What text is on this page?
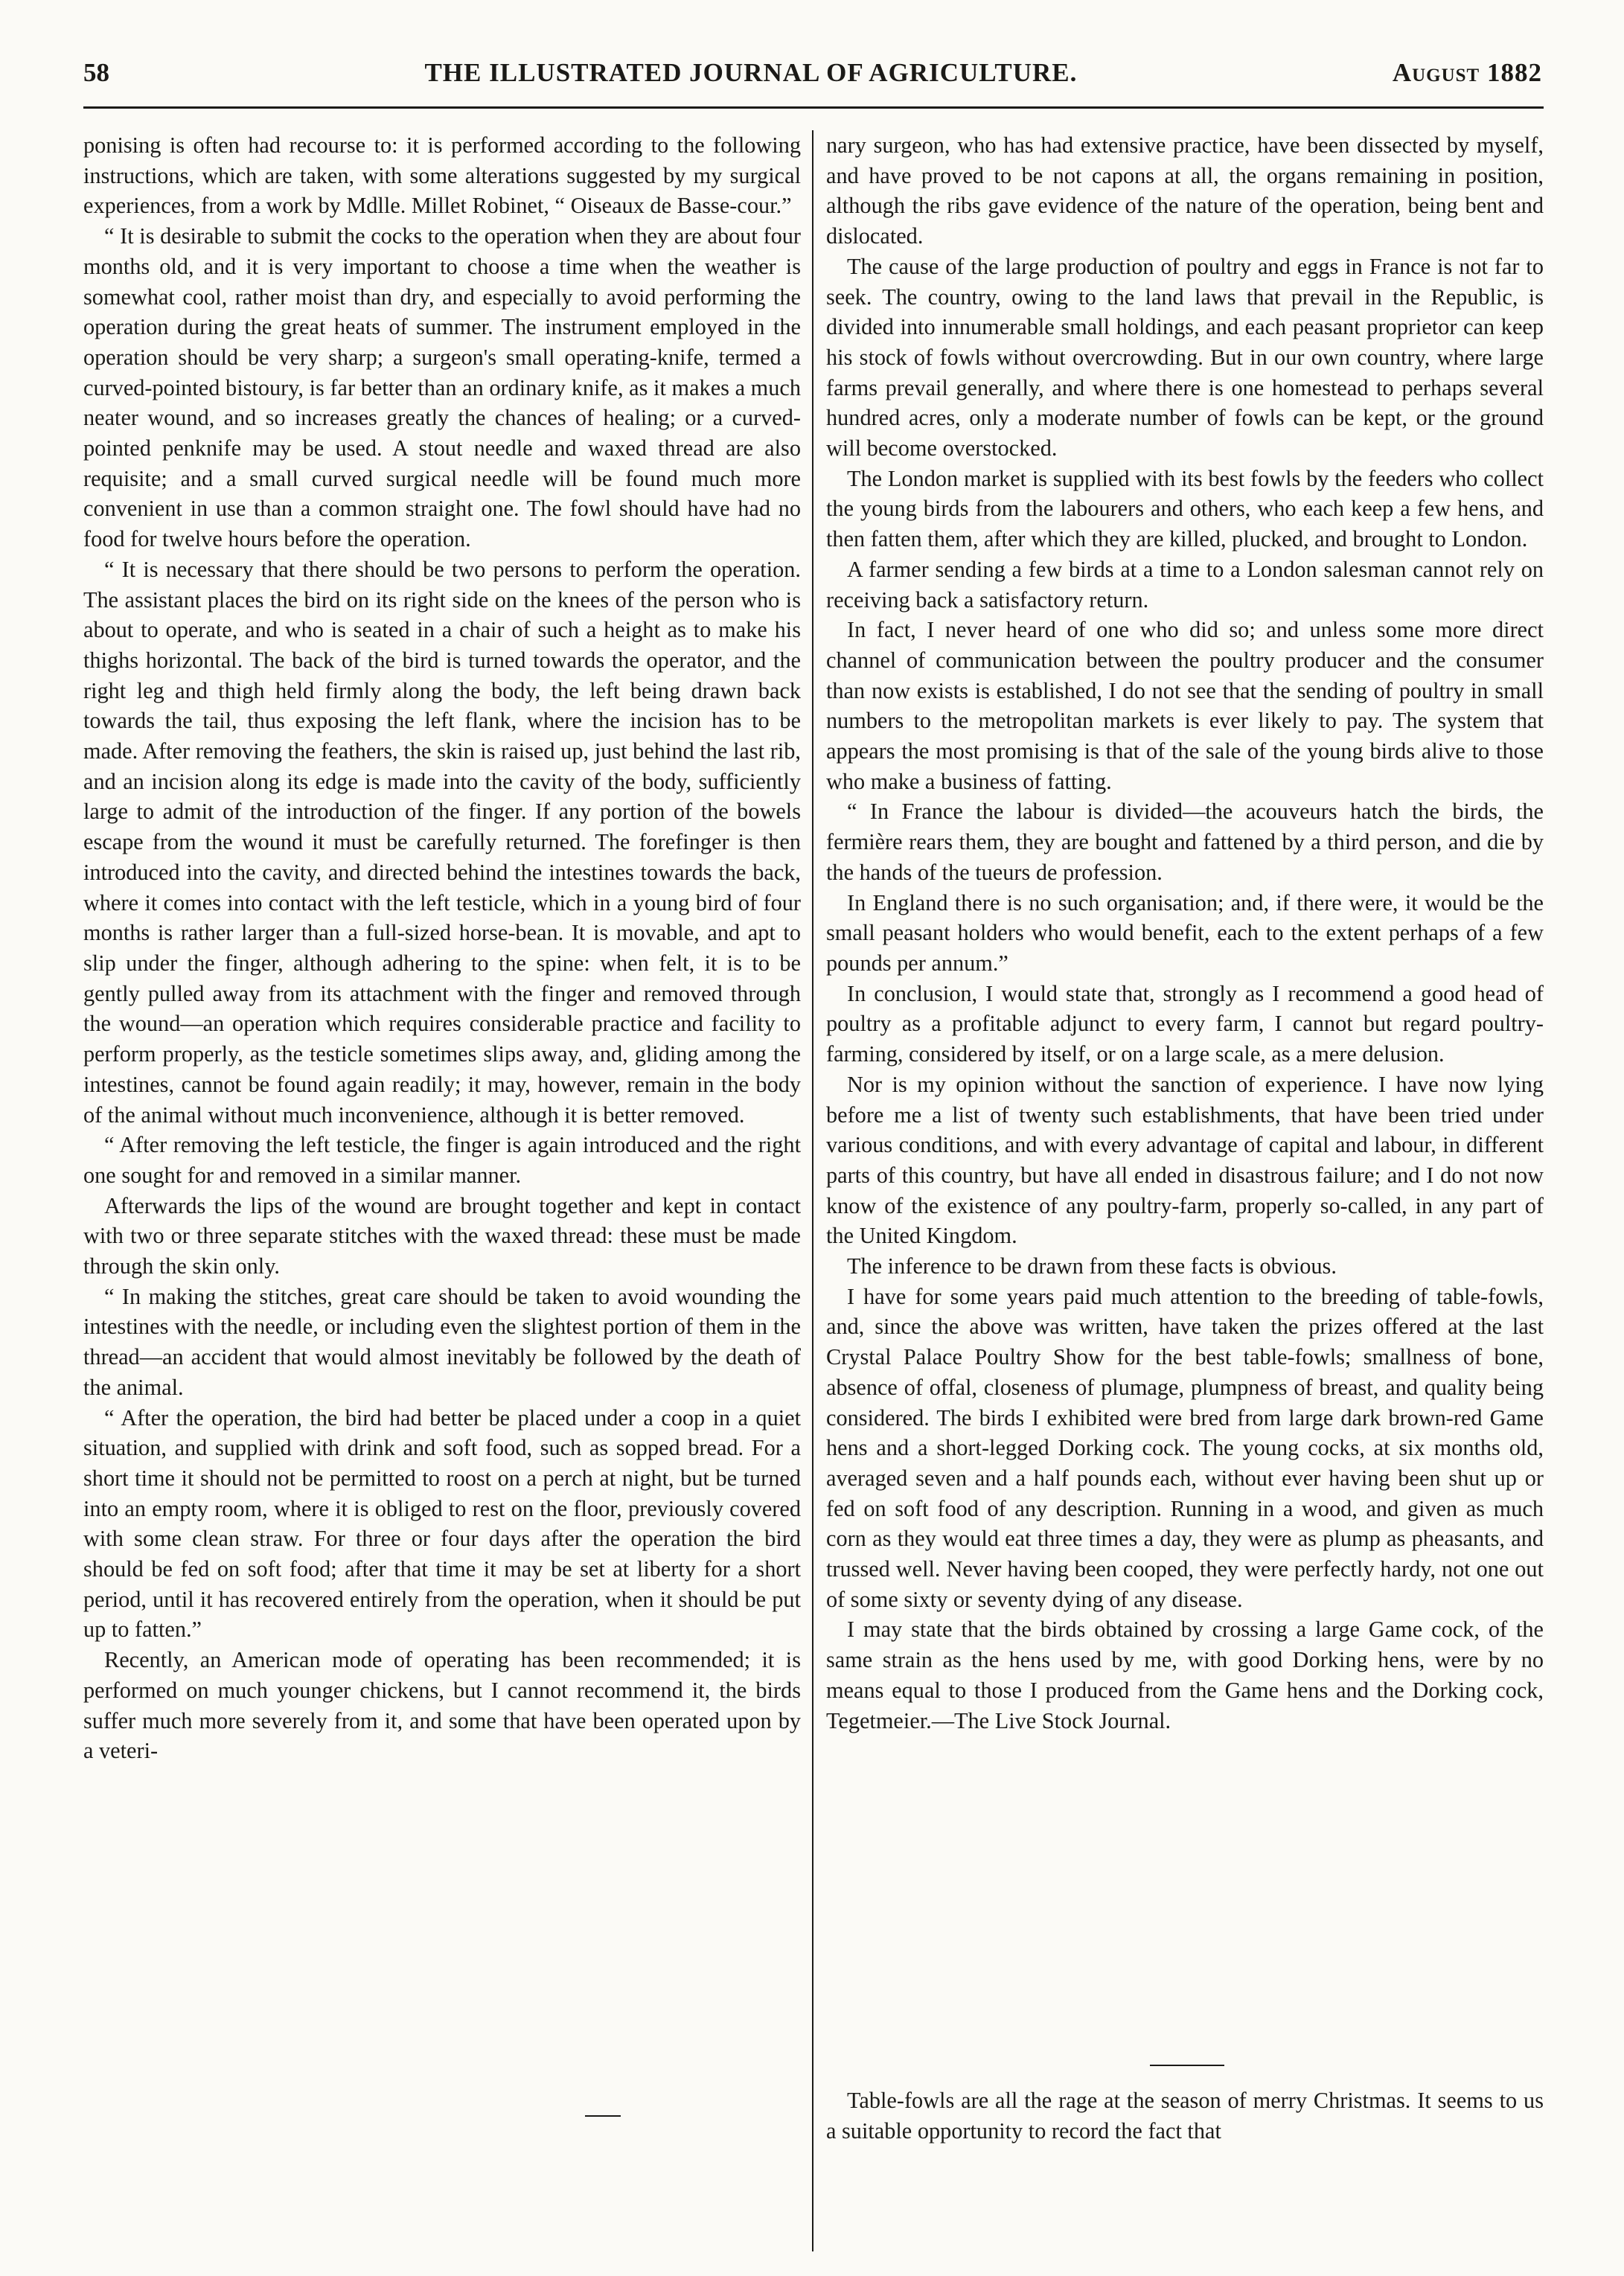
58	THE ILLUSTRATED JOURNAL OF AGRICULTURE.	August 1882

ponising is often had recourse to: it is performed according to the following instructions, which are taken, with some alterations suggested by my surgical experiences, from a work by Mdlle. Millet Robinet, “ Oiseaux de Basse-cour.”

“ It is desirable to submit the cocks to the operation when they are about four months old, and it is very important to choose a time when the weather is somewhat cool, rather moist than dry, and especially to avoid performing the operation during the great heats of summer. The instrument employed in the operation should be very sharp; a surgeon's small operating-knife, termed a curved-pointed bistoury, is far better than an ordinary knife, as it makes a much neater wound, and so increases greatly the chances of healing; or a curved-pointed penknife may be used. A stout needle and waxed thread are also requisite; and a small curved surgical needle will be found much more convenient in use than a common straight one. The fowl should have had no food for twelve hours before the operation.

“ It is necessary that there should be two persons to perform the operation. The assistant places the bird on its right side on the knees of the person who is about to operate, and who is seated in a chair of such a height as to make his thighs horizontal. The back of the bird is turned towards the operator, and the right leg and thigh held firmly along the body, the left being drawn back towards the tail, thus exposing the left flank, where the incision has to be made. After removing the feathers, the skin is raised up, just behind the last rib, and an incision along its edge is made into the cavity of the body, sufficiently large to admit of the introduction of the finger. If any portion of the bowels escape from the wound it must be carefully returned. The forefinger is then introduced into the cavity, and directed behind the intestines towards the back, where it comes into contact with the left testicle, which in a young bird of four months is rather larger than a full-sized horse-bean. It is movable, and apt to slip under the finger, although adhering to the spine: when felt, it is to be gently pulled away from its attachment with the finger and removed through the wound—an operation which requires considerable practice and facility to perform properly, as the testicle sometimes slips away, and, gliding among the intestines, cannot be found again readily; it may, however, remain in the body of the animal without much inconvenience, although it is better removed.

“ After removing the left testicle, the finger is again introduced and the right one sought for and removed in a similar manner.

Afterwards the lips of the wound are brought together and kept in contact with two or three separate stitches with the waxed thread: these must be made through the skin only.

“ In making the stitches, great care should be taken to avoid wounding the intestines with the needle, or including even the slightest portion of them in the thread—an accident that would almost inevitably be followed by the death of the animal.

“ After the operation, the bird had better be placed under a coop in a quiet situation, and supplied with drink and soft food, such as sopped bread. For a short time it should not be permitted to roost on a perch at night, but be turned into an empty room, where it is obliged to rest on the floor, previously covered with some clean straw. For three or four days after the operation the bird should be fed on soft food; after that time it may be set at liberty for a short period, until it has recovered entirely from the operation, when it should be put up to fatten.”

Recently, an American mode of operating has been recommended; it is performed on much younger chickens, but I cannot recommend it, the birds suffer much more severely from it, and some that have been operated upon by a veteri-

nary surgeon, who has had extensive practice, have been dissected by myself, and have proved to be not capons at all, the organs remaining in position, although the ribs gave evidence of the nature of the operation, being bent and dislocated.

The cause of the large production of poultry and eggs in France is not far to seek. The country, owing to the land laws that prevail in the Republic, is divided into innumerable small holdings, and each peasant proprietor can keep his stock of fowls without overcrowding. But in our own country, where large farms prevail generally, and where there is one homestead to perhaps several hundred acres, only a moderate number of fowls can be kept, or the ground will become overstocked.

The London market is supplied with its best fowls by the feeders who collect the young birds from the labourers and others, who each keep a few hens, and then fatten them, after which they are killed, plucked, and brought to London.

A farmer sending a few birds at a time to a London salesman cannot rely on receiving back a satisfactory return.

In fact, I never heard of one who did so; and unless some more direct channel of communication between the poultry producer and the consumer than now exists is established, I do not see that the sending of poultry in small numbers to the metropolitan markets is ever likely to pay. The system that appears the most promising is that of the sale of the young birds alive to those who make a business of fatting.

“ In France the labour is divided—the acouveurs hatch the birds, the fermière rears them, they are bought and fattened by a third person, and die by the hands of the tueurs de profession.

In England there is no such organisation; and, if there were, it would be the small peasant holders who would benefit, each to the extent perhaps of a few pounds per annum.”

In conclusion, I would state that, strongly as I recommend a good head of poultry as a profitable adjunct to every farm, I cannot but regard poultry-farming, considered by itself, or on a large scale, as a mere delusion.

Nor is my opinion without the sanction of experience. I have now lying before me a list of twenty such establishments, that have been tried under various conditions, and with every advantage of capital and labour, in different parts of this country, but have all ended in disastrous failure; and I do not now know of the existence of any poultry-farm, properly so-called, in any part of the United Kingdom.

The inference to be drawn from these facts is obvious.

I have for some years paid much attention to the breeding of table-fowls, and, since the above was written, have taken the prizes offered at the last Crystal Palace Poultry Show for the best table-fowls; smallness of bone, absence of offal, closeness of plumage, plumpness of breast, and quality being considered. The birds I exhibited were bred from large dark brown-red Game hens and a short-legged Dorking cock. The young cocks, at six months old, averaged seven and a half pounds each, without ever having been shut up or fed on soft food of any description. Running in a wood, and given as much corn as they would eat three times a day, they were as plump as pheasants, and trussed well. Never having been cooped, they were perfectly hardy, not one out of some sixty or seventy dying of any disease.

I may state that the birds obtained by crossing a large Game cock, of the same strain as the hens used by me, with good Dorking hens, were by no means equal to those I produced from the Game hens and the Dorking cock, Tegetmeier.—The Live Stock Journal.

Table-fowls are all the rage at the season of merry Christmas. It seems to us a suitable opportunity to record the fact that
